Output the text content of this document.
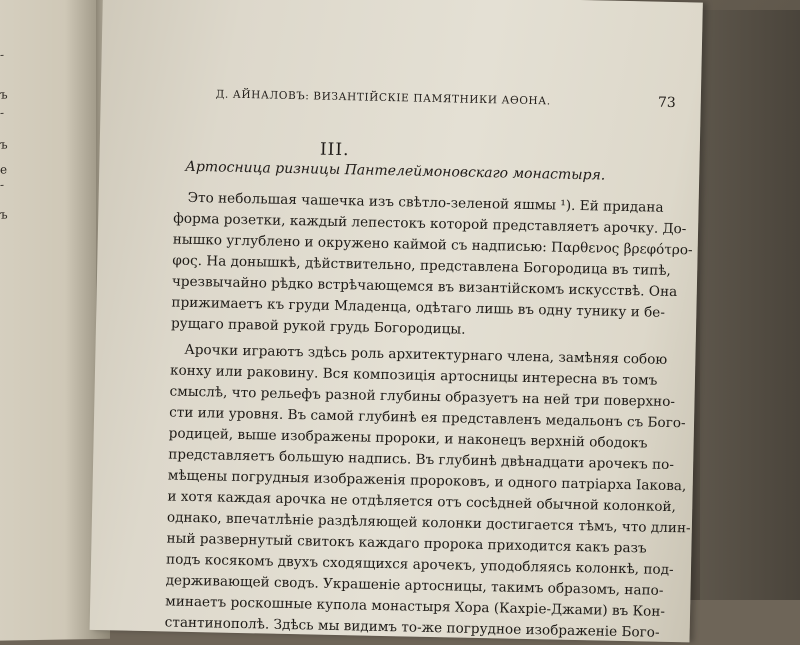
-
ъ
-
ъ
е
-
ъ
Д. АЙНАЛОВЪ: ВИЗАНТІЙСКІЕ ПАМЯТНИКИ АӨОНА.	73
III.
Артосница ризницы Пантелеймоновскаго монастыря.
Это небольшая чашечка изъ свѣтло-зеленой яшмы ¹). Ей придана
форма розетки, каждый лепестокъ которой представляетъ арочку. До-
нышко углублено и окружено каймой съ надписью: Παρθενος βρεφότρο-
φος. На донышкѣ, дѣйствительно, представлена Богородица въ типѣ,
чрезвычайно рѣдко встрѣчающемся въ византійскомъ искусствѣ. Она
прижимаетъ къ груди Младенца, одѣтаго лишь въ одну тунику и бе-
рущаго правой рукой грудь Богородицы.
Арочки играютъ здѣсь роль архитектурнаго члена, замѣняя собою
конху или раковину. Вся композиція артосницы интересна въ томъ
смыслѣ, что рельефъ разной глубины образуетъ на ней три поверхно-
сти или уровня. Въ самой глубинѣ ея представленъ медальонъ съ Бого-
родицей, выше изображены пророки, и наконецъ верхній ободокъ
представляетъ большую надпись. Въ глубинѣ двѣнадцати арочекъ по-
мѣщены погрудныя изображенія пророковъ, и одного патріарха Іакова,
и хотя каждая арочка не отдѣляется отъ сосѣдней обычной колонкой,
однако, впечатлѣніе раздѣляющей колонки достигается тѣмъ, что длин-
ный развернутый свитокъ каждаго пророка приходится какъ разъ
подъ косякомъ двухъ сходящихся арочекъ, уподобляясь колонкѣ, под-
держивающей сводъ. Украшеніе артосницы, такимъ образомъ, напо-
минаетъ роскошные купола монастыря Хора (Кахріе-Джами) въ Кон-
стантинополѣ. Здѣсь мы видимъ то-же погрудное изображеніе Бого-
